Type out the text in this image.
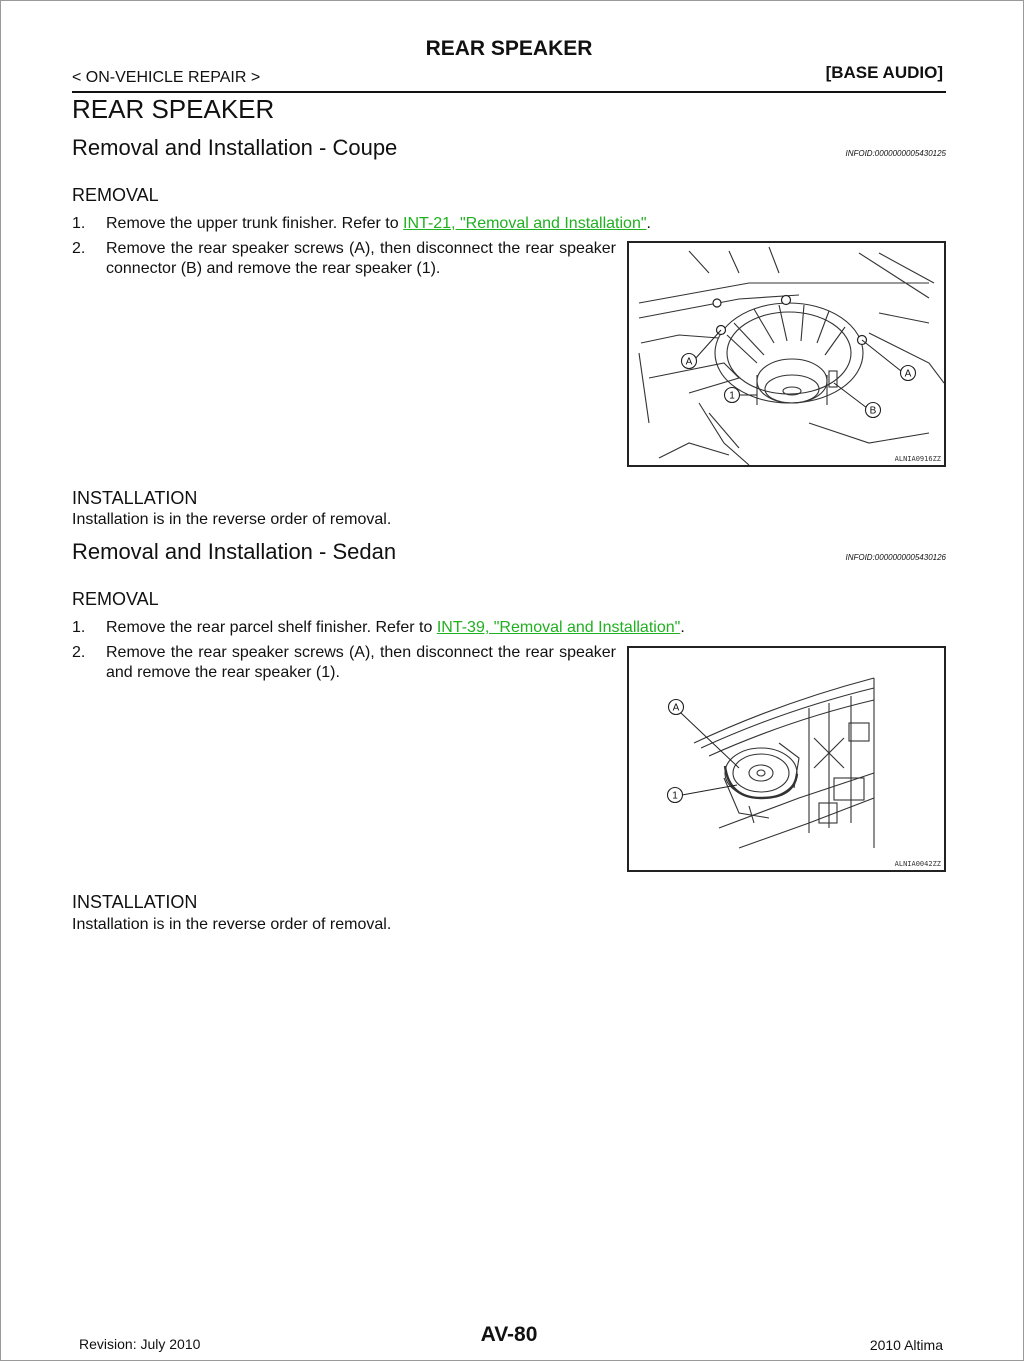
REAR SPEAKER
< ON-VEHICLE REPAIR >	[BASE AUDIO]
REAR SPEAKER
Removal and Installation - Coupe	INFOID:0000000005430125
REMOVAL
1. Remove the upper trunk finisher. Refer to INT-21, "Removal and Installation".
2. Remove the rear speaker screws (A), then disconnect the rear speaker connector (B) and remove the rear speaker (1).
A
A
1
B
ALNIA0916ZZ
INSTALLATION
Installation is in the reverse order of removal.
Removal and Installation - Sedan	INFOID:0000000005430126
REMOVAL
1. Remove the rear parcel shelf finisher. Refer to INT-39, "Removal and Installation".
2. Remove the rear speaker screws (A), then disconnect the rear speaker and remove the rear speaker (1).
A
1
ALNIA0042ZZ
INSTALLATION
Installation is in the reverse order of removal.
Revision: July 2010	AV-80	2010 Altima
